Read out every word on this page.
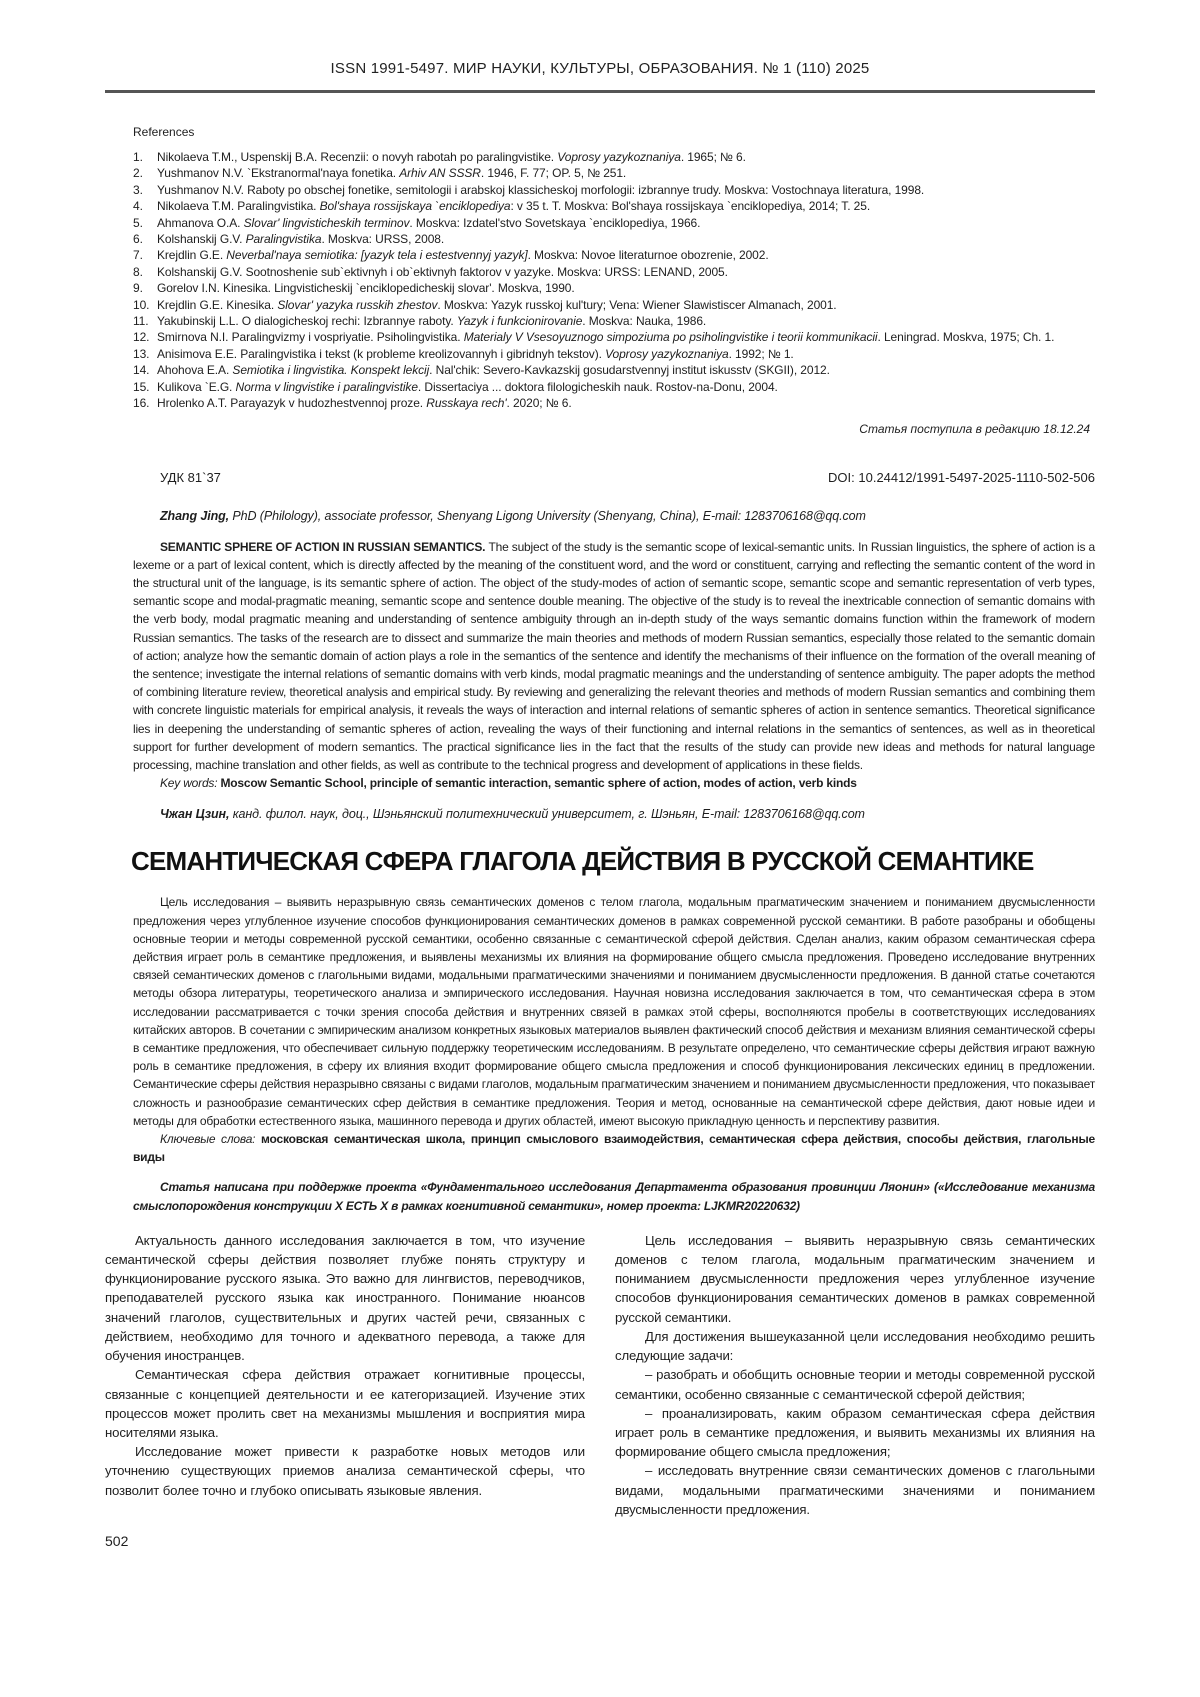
ISSN 1991-5497. МИР НАУКИ, КУЛЬТУРЫ, ОБРАЗОВАНИЯ. № 1 (110) 2025
References
1.	Nikolaeva T.M., Uspenskij B.A. Recenzii: o novyh rabotah po paralingvistike. Voprosy yazykoznaniya. 1965; № 6.
2.	Yushmanov N.V. `Ekstranormal'naya fonetika. Arhiv AN SSSR. 1946, F. 77; OP. 5, № 251.
3.	Yushmanov N.V. Raboty po obschej fonetike, semitologii i arabskoj klassicheskoj morfologii: izbrannye trudy. Moskva: Vostochnaya literatura, 1998.
4.	Nikolaeva T.M. Paralingvistika. Bol'shaya rossijskaya `enciklopediya: v 35 t. T. Moskva: Bol'shaya rossijskaya `enciklopediya, 2014; T. 25.
5.	Ahmanova O.A. Slovar' lingvisticheskih terminov. Moskva: Izdatel'stvo Sovetskaya `enciklopediya, 1966.
6.	Kolshanskij G.V. Paralingvistika. Moskva: URSS, 2008.
7.	Krejdlin G.E. Neverbal'naya semiotika: [yazyk tela i estestvennyj yazyk]. Moskva: Novoe literaturnoe obozrenie, 2002.
8.	Kolshanskij G.V. Sootnoshenie sub`ektivnyh i ob`ektivnyh faktorov v yazyke. Moskva: URSS: LENAND, 2005.
9.	Gorelov I.N. Kinesika. Lingvisticheskij `enciklopedicheskij slovar'. Moskva, 1990.
10. Krejdlin G.E. Kinesika. Slovar' yazyka russkih zhestov. Moskva: Yazyk russkoj kul'tury; Vena: Wiener Slawistiscer Almanach, 2001.
11. Yakubinskij L.L. O dialogicheskoj rechi: Izbrannye raboty. Yazyk i funkcionirovanie. Moskva: Nauka, 1986.
12. Smirnova N.I. Paralingvizmy i vospriyatie. Psiholingvistika. Materialy V Vsesoyuznogo simpoziuma po psiholingvistike i teorii kommunikacii. Leningrad. Moskva, 1975; Ch. 1.
13. Anisimova E.E. Paralingvistika i tekst (k probleme kreolizovannyh i gibridnyh tekstov). Voprosy yazykoznaniya. 1992; № 1.
14. Ahohova E.A. Semiotika i lingvistika. Konspekt lekcij. Nal'chik: Severo-Kavkazskij gosudarstvennyj institut iskusstv (SKGII), 2012.
15. Kulikova `E.G. Norma v lingvistike i paralingvistike. Dissertaciya ... doktora filologicheskih nauk. Rostov-na-Donu, 2004.
16. Hrolenko A.T. Parayazyk v hudozhestvennoj proze. Russkaya rech'. 2020; № 6.
Статья поступила в редакцию 18.12.24
УДК 81`37	DOI: 10.24412/1991-5497-2025-1110-502-506

Zhang Jing, PhD (Philology), associate professor, Shenyang Ligong University (Shenyang, China), E-mail: 1283706168@qq.com

SEMANTIC SPHERE OF ACTION IN RUSSIAN SEMANTICS. The subject of the study is the semantic scope of lexical-semantic units. In Russian linguistics, the sphere of action is a lexeme or a part of lexical content, which is directly affected by the meaning of the constituent word, and the word or constituent, carrying and reflecting the semantic content of the word in the structural unit of the language, is its semantic sphere of action. The object of the study-modes of action of semantic scope, semantic scope and semantic representation of verb types, semantic scope and modal-pragmatic meaning, semantic scope and sentence double meaning. The objective of the study is to reveal the inextricable connection of semantic domains with the verb body, modal pragmatic meaning and understanding of sentence ambiguity through an in-depth study of the ways semantic domains function within the framework of modern Russian semantics. The tasks of the research are to dissect and summarize the main theories and methods of modern Russian semantics, especially those related to the semantic domain of action; analyze how the semantic domain of action plays a role in the semantics of the sentence and identify the mechanisms of their influence on the formation of the overall meaning of the sentence; investigate the internal relations of semantic domains with verb kinds, modal pragmatic meanings and the understanding of sentence ambiguity. The paper adopts the method of combining literature review, theoretical analysis and empirical study. By reviewing and generalizing the relevant theories and methods of modern Russian semantics and combining them with concrete linguistic materials for empirical analysis, it reveals the ways of interaction and internal relations of semantic spheres of action in sentence semantics. Theoretical significance lies in deepening the understanding of semantic spheres of action, revealing the ways of their functioning and internal relations in the semantics of sentences, as well as in theoretical support for further development of modern semantics. The practical significance lies in the fact that the results of the study can provide new ideas and methods for natural language processing, machine translation and other fields, as well as contribute to the technical progress and development of applications in these fields.

Key words: Moscow Semantic School, principle of semantic interaction, semantic sphere of action, modes of action, verb kinds

Чжан Цзин, канд. филол. наук, доц., Шэньянский политехнический университет, г. Шэньян, E-mail: 1283706168@qq.com

СЕМАНТИЧЕСКАЯ СФЕРА ГЛАГОЛА ДЕЙСТВИЯ В РУССКОЙ СЕМАНТИКЕ

Цель исследования – выявить неразрывную связь семантических доменов с телом глагола, модальным прагматическим значением и пониманием двусмысленности предложения через углубленное изучение способов функционирования семантических доменов в рамках современной русской семантики. В работе разобраны и обобщены основные теории и методы современной русской семантики, особенно связанные с семантической сферой действия. Сделан анализ, каким образом семантическая сфера действия играет роль в семантике предложения, и выявлены механизмы их влияния на формирование общего смысла предложения. Проведено исследование внутренних связей семантических доменов с глагольными видами, модальными прагматическими значениями и пониманием двусмысленности предложения. В данной статье сочетаются методы обзора литературы, теоретического анализа и эмпирического исследования. Научная новизна исследования заключается в том, что семантическая сфера в этом исследовании рассматривается с точки зрения способа действия и внутренних связей в рамках этой сферы, восполняются пробелы в соответствующих исследованиях китайских авторов. В сочетании с эмпирическим анализом конкретных языковых материалов выявлен фактический способ действия и механизм влияния семантической сферы в семантике предложения, что обеспечивает сильную поддержку теоретическим исследованиям. В результате определено, что семантические сферы действия играют важную роль в семантике предложения, в сферу их влияния входит формирование общего смысла предложения и способ функционирования лексических единиц в предложении. Семантические сферы действия неразрывно связаны с видами глаголов, модальным прагматическим значением и пониманием двусмысленности предложения, что показывает сложность и разнообразие семантических сфер действия в семантике предложения. Теория и метод, основанные на семантической сфере действия, дают новые идеи и методы для обработки естественного языка, машинного перевода и других областей, имеют высокую прикладную ценность и перспективу развития.

Ключевые слова: московская семантическая школа, принцип смыслового взаимодействия, семантическая сфера действия, способы действия, глагольные виды

Статья написана при поддержке проекта «Фундаментального исследования Департамента образования провинции Ляонин» («Исследование механизма смыслопорождения конструкции Х ЕСТЬ Х в рамках когнитивной семантики», номер проекта: LJKMR20220632)

Актуальность данного исследования заключается в том, что изучение семантической сферы действия позволяет глубже понять структуру и функционирование русского языка. Это важно для лингвистов, переводчиков, преподавателей русского языка как иностранного. Понимание нюансов значений глаголов, существительных и других частей речи, связанных с действием, необходимо для точного и адекватного перевода, а также для обучения иностранцев.

Семантическая сфера действия отражает когнитивные процессы, связанные с концепцией деятельности и ее категоризацией. Изучение этих процессов может пролить свет на механизмы мышления и восприятия мира носителями языка.

Исследование может привести к разработке новых методов или уточнению существующих приемов анализа семантической сферы, что позволит более точно и глубоко описывать языковые явления.

Цель исследования – выявить неразрывную связь семантических доменов с телом глагола, модальным прагматическим значением и пониманием двусмысленности предложения через углубленное изучение способов функционирования семантических доменов в рамках современной русской семантики.

Для достижения вышеуказанной цели исследования необходимо решить следующие задачи:

– разобрать и обобщить основные теории и методы современной русской семантики, особенно связанные с семантической сферой действия;

– проанализировать, каким образом семантическая сфера действия играет роль в семантике предложения, и выявить механизмы их влияния на формирование общего смысла предложения;

– исследовать внутренние связи семантических доменов с глагольными видами, модальными прагматическими значениями и пониманием двусмысленности предложения.

502
